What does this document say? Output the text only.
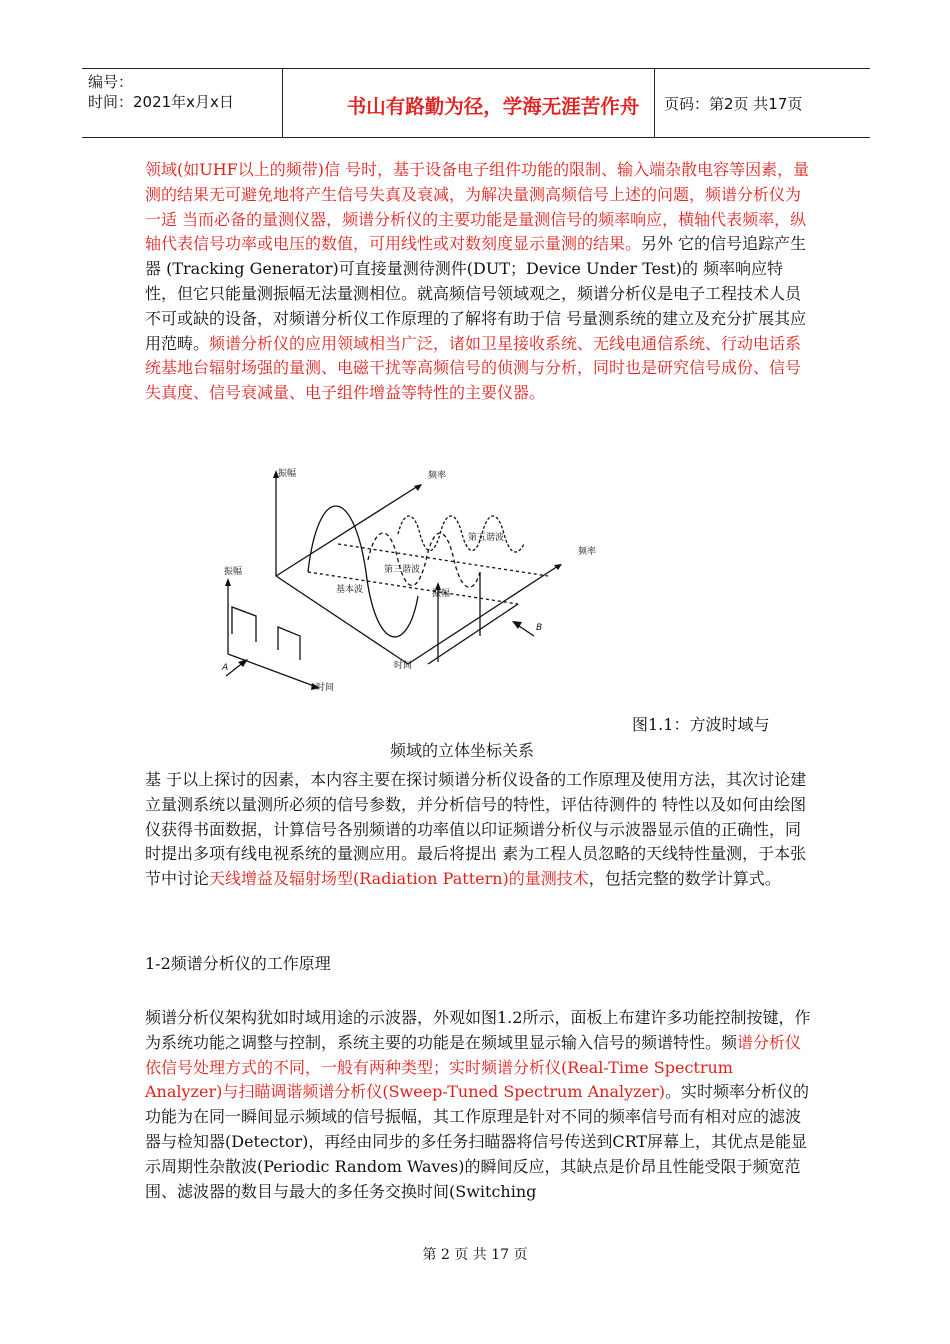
编号：
时间：2021年x月x日	书山有路勤为径，学海无涯苦作舟	页码：第2页 共17页
领域(如UHF以上的频带)信 号时，基于设备电子组件功能的限制、输入端杂散电容等因素，量测的结果无可避免地将产生信号失真及衰减，为解决量测高频信号上述的问题，频谱分析仪为一适 当而必备的量测仪器，频谱分析仪的主要功能是量测信号的频率响应，横轴代表频率，纵轴代表信号功率或电压的数值，可用线性或对数刻度显示量测的结果。另外 它的信号追踪产生器 (Tracking Generator)可直接量测待测件(DUT；Device Under Test)的 频率响应特性，但它只能量测振幅无法量测相位。就高频信号领域观之，频谱分析仪是电子工程技术人员不可或缺的设备，对频谱分析仪工作原理的了解将有助于信 号量测系统的建立及充分扩展其应用范畴。频谱分析仪的应用领域相当广泛，诸如卫星接收系统、无线电通信系统、行动电话系统基地台辐射场强的量测、电磁干扰等高频信号的侦测与分析，同时也是研究信号成份、信号失真度、信号衰减量、电子组件增益等特性的主要仪器。
振幅	频率
频率
振幅
基本波
第三谐波
第五谐波
振幅
时间
时间
A
B
图1.1：方波时域与
频域的立体坐标关系
基 于以上探讨的因素，本内容主要在探讨频谱分析仪设备的工作原理及使用方法，其次讨论建立量测系统以量测所必须的信号参数，并分析信号的特性，评估待测件的 特性以及如何由绘图仪获得书面数据，计算信号各别频谱的功率值以印证频谱分析仪与示波器显示值的正确性，同时提出多项有线电视系统的量测应用。最后将提出 素为工程人员忽略的天线特性量测，于本张节中讨论天线增益及辐射场型(Radiation Pattern)的量测技术，包括完整的数学计算式。
1-2频谱分析仪的工作原理
频谱分析仪架构犹如时域用途的示波器，外观如图1.2所示，面板上布建许多功能控制按键，作为系统功能之调整与控制，系统主要的功能是在频域里显示输入信号的频谱特性。频谱分析仪依信号处理方式的不同，一般有两种类型；实时频谱分析仪(Real-Time Spectrum Analyzer)与扫瞄调谐频谱分析仪(Sweep-Tuned Spectrum Analyzer)。实时频率分析仪的功能为在同一瞬间显示频域的信号振幅，其工作原理是针对不同的频率信号而有相对应的滤波器与检知器(Detector)，再经由同步的多任务扫瞄器将信号传送到CRT屏幕上，其优点是能显示周期性杂散波(Periodic Random Waves)的瞬间反应，其缺点是价昂且性能受限于频宽范围、滤波器的数目与最大的多任务交换时间(Switching
第 2 页 共 17 页
